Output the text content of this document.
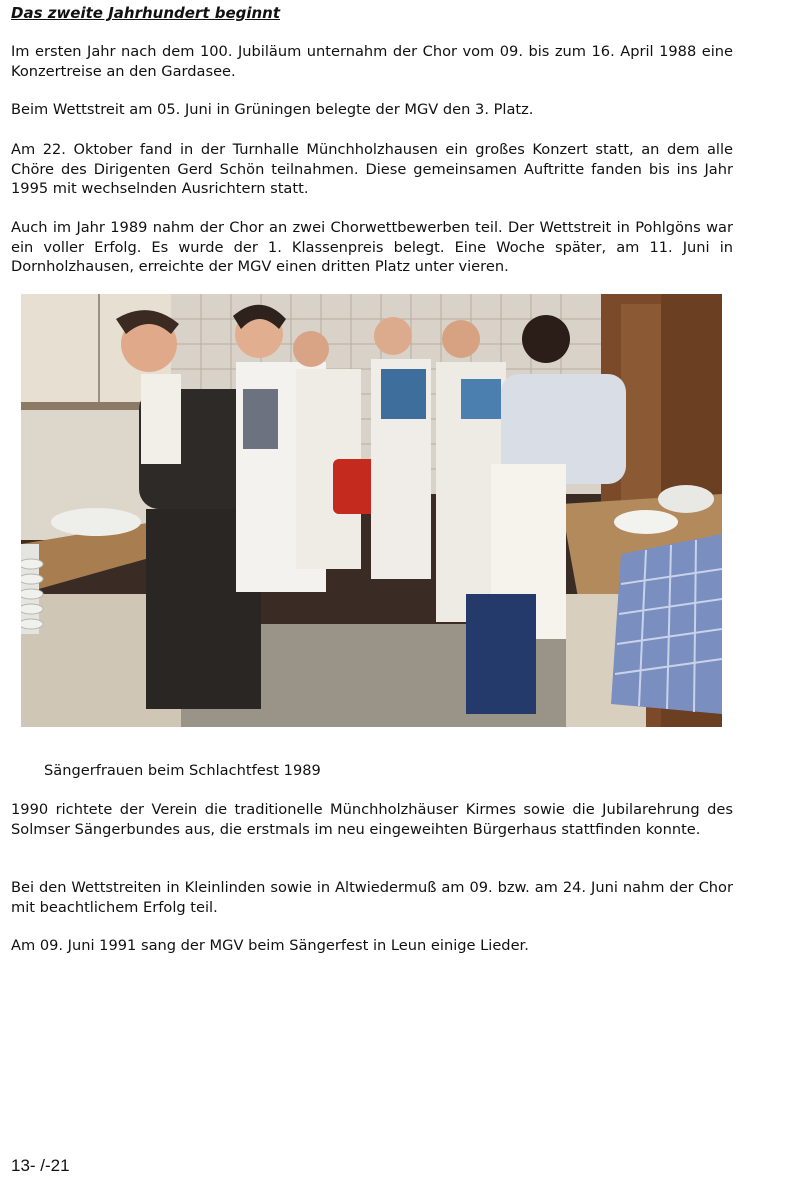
Das zweite Jahrhundert beginnt

Im ersten Jahr nach dem 100. Jubiläum unternahm der Chor vom 09. bis zum 16. April 1988 eine Konzertreise an den Gardasee.

Beim Wettstreit am 05. Juni in Grüningen belegte der MGV den 3. Platz.

Am 22. Oktober fand in der Turnhalle Münchholzhausen ein großes Konzert statt, an dem alle Chöre des Dirigenten Gerd Schön teilnahmen. Diese gemeinsamen Auftritte fanden bis ins Jahr 1995 mit wechselnden Ausrichtern statt.

Auch im Jahr 1989 nahm der Chor an zwei Chorwettbewerben teil. Der Wettstreit in Pohlgöns war ein voller Erfolg. Es wurde der 1. Klassenpreis belegt. Eine Woche später, am 11. Juni in Dornholzhausen, erreichte der MGV einen dritten Platz unter vieren.

Sängerfrauen beim Schlachtfest 1989

1990 richtete der Verein die traditionelle Münchholzhäuser Kirmes sowie die Jubilarehrung des Solmser Sängerbundes aus, die erstmals im neu eingeweihten Bürgerhaus stattfinden konnte.

Bei den Wettstreiten in Kleinlinden sowie in Altwiedermuß am 09. bzw. am 24. Juni nahm der Chor mit beachtlichem Erfolg teil.

Am 09. Juni 1991 sang der MGV beim Sängerfest in Leun einige Lieder.

13- /-21
